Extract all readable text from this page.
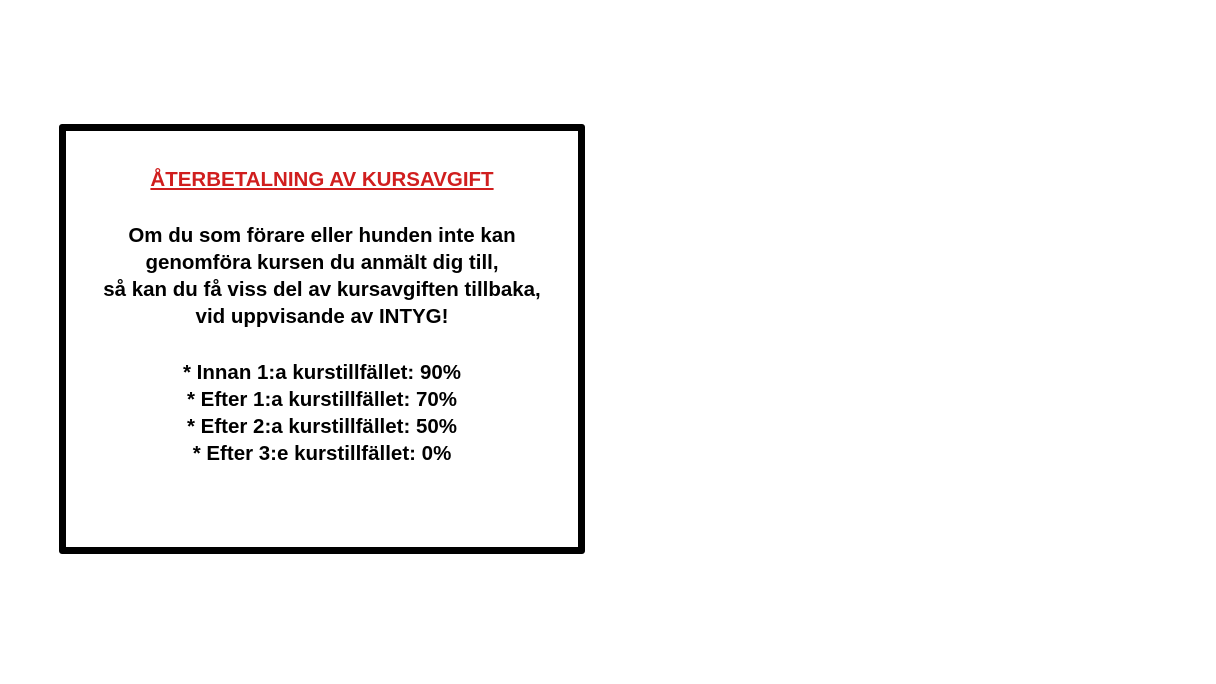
ÅTERBETALNING AV KURSAVGIFT
Om du som förare eller hunden inte kan
genomföra kursen du anmält dig till,
så kan du få viss del av kursavgiften tillbaka,
vid uppvisande av INTYG!
* Innan 1:a kurstillfället: 90%
* Efter 1:a kurstillfället: 70%
* Efter 2:a kurstillfället: 50%
* Efter 3:e kurstillfället: 0%
